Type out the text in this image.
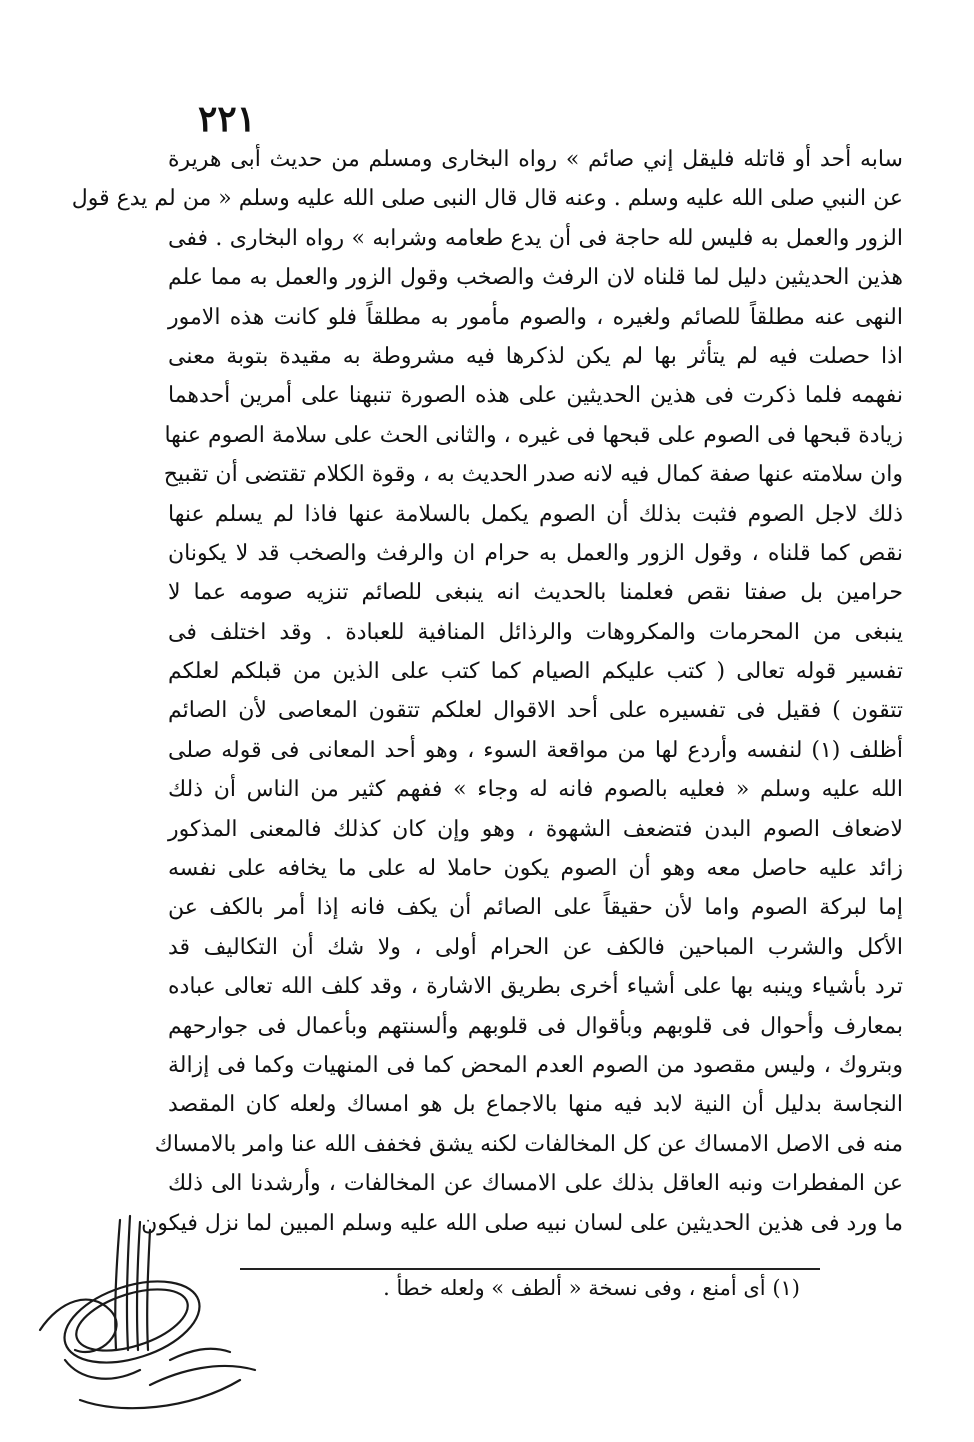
٢٢١
سابه أحد أو قاتله فليقل إني صائم » رواه البخارى ومسلم من حديث أبى هريرة
عن النبي صلى الله عليه وسلم . وعنه قال قال النبى صلى الله عليه وسلم « من لم يدع قول
الزور والعمل به فليس لله حاجة فى أن يدع طعامه وشرابه » رواه البخارى . ففى
هذين الحديثين دليل لما قلناه لان الرفث والصخب وقول الزور والعمل به مما علم
النهى عنه مطلقاً للصائم ولغيره ، والصوم مأمور به مطلقاً فلو كانت هذه الامور
اذا حصلت فيه لم يتأثر بها لم يكن لذكرها فيه مشروطة به مقيدة بتوبة معنى
نفهمه فلما ذكرت فى هذين الحديثين على هذه الصورة تنبهنا على أمرين أحدهما
زيادة قبحها فى الصوم على قبحها فى غيره ، والثانى الحث على سلامة الصوم عنها
وان سلامته عنها صفة كمال فيه لانه صدر الحديث به ، وقوة الكلام تقتضى أن تقبيح
ذلك لاجل الصوم فثبت بذلك أن الصوم يكمل بالسلامة عنها فاذا لم يسلم عنها
نقص كما قلناه ، وقول الزور والعمل به حرام ان والرفث والصخب قد لا يكونان
حرامين بل صفتا نقص فعلمنا بالحديث انه ينبغى للصائم تنزيه صومه عما لا
ينبغى من المحرمات والمكروهات والرذائل المنافية للعبادة . وقد اختلف فى
تفسير قوله تعالى ( كتب عليكم الصيام كما كتب على الذين من قبلكم لعلكم
تتقون ) فقيل فى تفسيره على أحد الاقوال لعلكم تتقون المعاصى لأن الصائم
أظلف (١) لنفسه وأردع لها من مواقعة السوء ، وهو أحد المعانى فى قوله صلى
الله عليه وسلم « فعليه بالصوم فانه له وجاء » ففهم كثير من الناس أن ذلك
لاضعاف الصوم البدن فتضعف الشهوة ، وهو وإن كان كذلك فالمعنى المذكور
زائد عليه حاصل معه وهو أن الصوم يكون حاملا له على ما يخافه على نفسه
إما لبركة الصوم واما لأن حقيقاً على الصائم أن يكف فانه إذا أمر بالكف عن
الأكل والشرب المباحين فالكف عن الحرام أولى ، ولا شك أن التكاليف قد
ترد بأشياء وينبه بها على أشياء أخرى بطريق الاشارة ، وقد كلف الله تعالى عباده
بمعارف وأحوال فى قلوبهم وبأقوال فى قلوبهم وألسنتهم وبأعمال فى جوارحهم
وبتروك ، وليس مقصود من الصوم العدم المحض كما فى المنهيات وكما فى إزالة
النجاسة بدليل أن النية لابد فيه منها بالاجماع بل هو امساك ولعله كان المقصد
منه فى الاصل الامساك عن كل المخالفات لكنه يشق فخفف الله عنا وامر بالامساك
عن المفطرات ونبه العاقل بذلك على الامساك عن المخالفات ، وأرشدنا الى ذلك
ما ورد فى هذين الحديثين على لسان نبيه صلى الله عليه وسلم المبين لما نزل فيكون
(١) أى أمنع ، وفى نسخة « ألطف » ولعله خطأ .
